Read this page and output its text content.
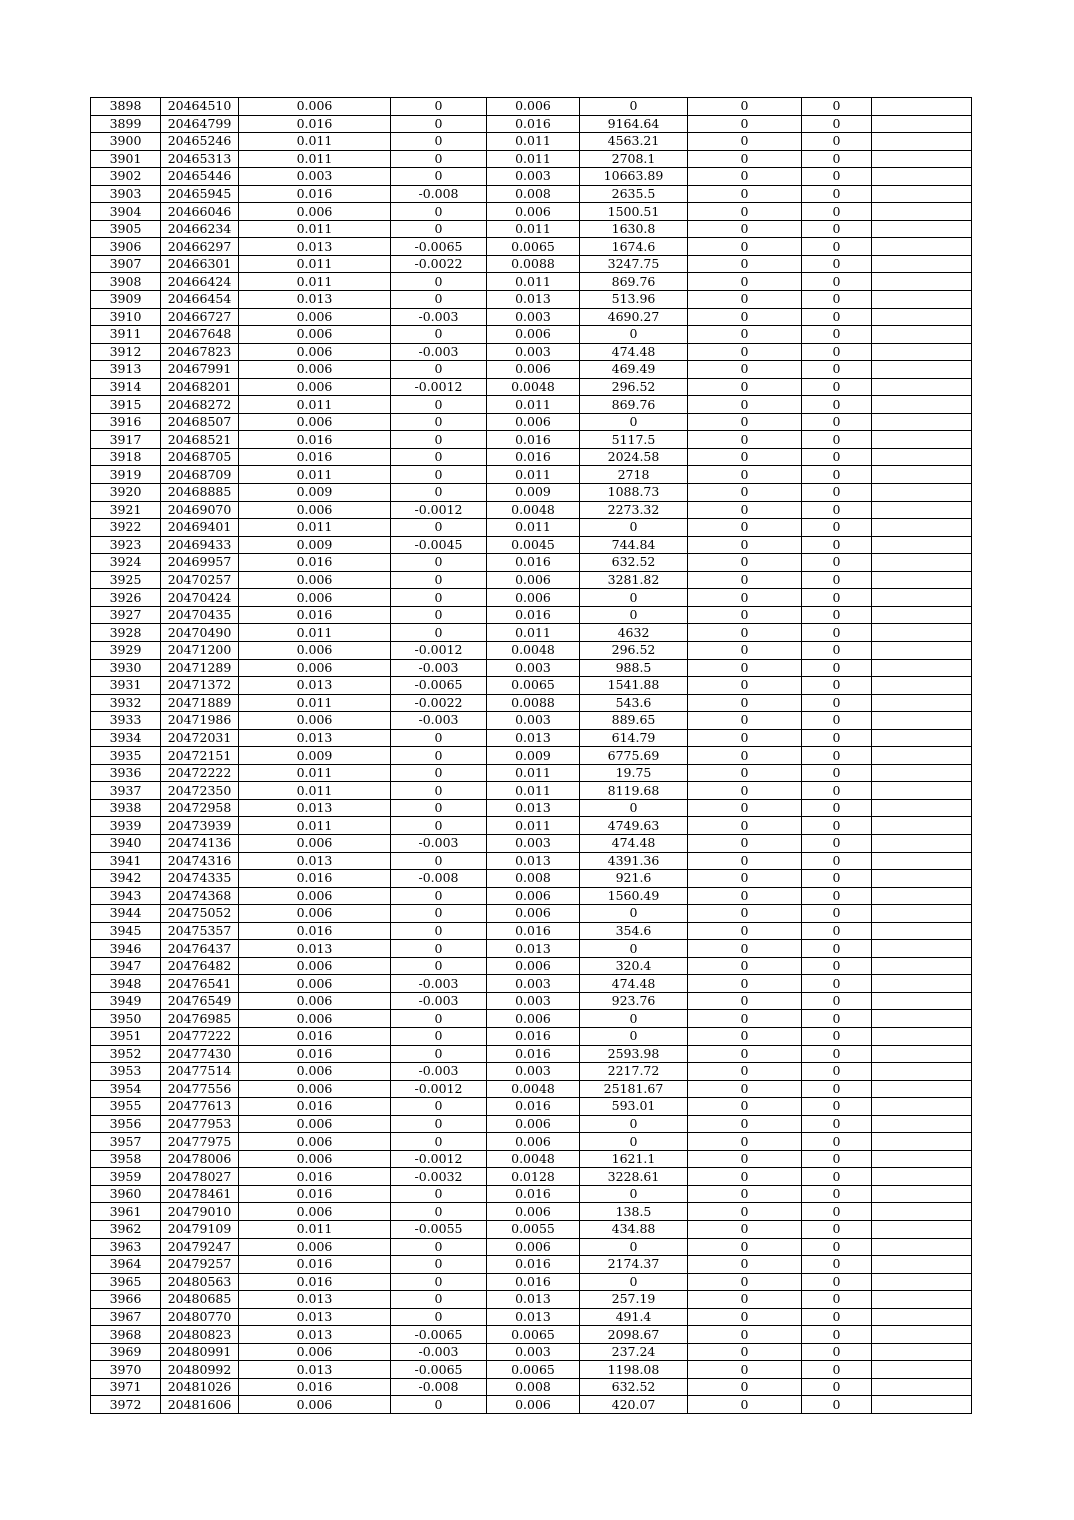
3898	20464510	0.006	0	0.006	0	0	0	
3899	20464799	0.016	0	0.016	9164.64	0	0	
3900	20465246	0.011	0	0.011	4563.21	0	0	
3901	20465313	0.011	0	0.011	2708.1	0	0	
3902	20465446	0.003	0	0.003	10663.89	0	0	
3903	20465945	0.016	-0.008	0.008	2635.5	0	0	
3904	20466046	0.006	0	0.006	1500.51	0	0	
3905	20466234	0.011	0	0.011	1630.8	0	0	
3906	20466297	0.013	-0.0065	0.0065	1674.6	0	0	
3907	20466301	0.011	-0.0022	0.0088	3247.75	0	0	
3908	20466424	0.011	0	0.011	869.76	0	0	
3909	20466454	0.013	0	0.013	513.96	0	0	
3910	20466727	0.006	-0.003	0.003	4690.27	0	0	
3911	20467648	0.006	0	0.006	0	0	0	
3912	20467823	0.006	-0.003	0.003	474.48	0	0	
3913	20467991	0.006	0	0.006	469.49	0	0	
3914	20468201	0.006	-0.0012	0.0048	296.52	0	0	
3915	20468272	0.011	0	0.011	869.76	0	0	
3916	20468507	0.006	0	0.006	0	0	0	
3917	20468521	0.016	0	0.016	5117.5	0	0	
3918	20468705	0.016	0	0.016	2024.58	0	0	
3919	20468709	0.011	0	0.011	2718	0	0	
3920	20468885	0.009	0	0.009	1088.73	0	0	
3921	20469070	0.006	-0.0012	0.0048	2273.32	0	0	
3922	20469401	0.011	0	0.011	0	0	0	
3923	20469433	0.009	-0.0045	0.0045	744.84	0	0	
3924	20469957	0.016	0	0.016	632.52	0	0	
3925	20470257	0.006	0	0.006	3281.82	0	0	
3926	20470424	0.006	0	0.006	0	0	0	
3927	20470435	0.016	0	0.016	0	0	0	
3928	20470490	0.011	0	0.011	4632	0	0	
3929	20471200	0.006	-0.0012	0.0048	296.52	0	0	
3930	20471289	0.006	-0.003	0.003	988.5	0	0	
3931	20471372	0.013	-0.0065	0.0065	1541.88	0	0	
3932	20471889	0.011	-0.0022	0.0088	543.6	0	0	
3933	20471986	0.006	-0.003	0.003	889.65	0	0	
3934	20472031	0.013	0	0.013	614.79	0	0	
3935	20472151	0.009	0	0.009	6775.69	0	0	
3936	20472222	0.011	0	0.011	19.75	0	0	
3937	20472350	0.011	0	0.011	8119.68	0	0	
3938	20472958	0.013	0	0.013	0	0	0	
3939	20473939	0.011	0	0.011	4749.63	0	0	
3940	20474136	0.006	-0.003	0.003	474.48	0	0	
3941	20474316	0.013	0	0.013	4391.36	0	0	
3942	20474335	0.016	-0.008	0.008	921.6	0	0	
3943	20474368	0.006	0	0.006	1560.49	0	0	
3944	20475052	0.006	0	0.006	0	0	0	
3945	20475357	0.016	0	0.016	354.6	0	0	
3946	20476437	0.013	0	0.013	0	0	0	
3947	20476482	0.006	0	0.006	320.4	0	0	
3948	20476541	0.006	-0.003	0.003	474.48	0	0	
3949	20476549	0.006	-0.003	0.003	923.76	0	0	
3950	20476985	0.006	0	0.006	0	0	0	
3951	20477222	0.016	0	0.016	0	0	0	
3952	20477430	0.016	0	0.016	2593.98	0	0	
3953	20477514	0.006	-0.003	0.003	2217.72	0	0	
3954	20477556	0.006	-0.0012	0.0048	25181.67	0	0	
3955	20477613	0.016	0	0.016	593.01	0	0	
3956	20477953	0.006	0	0.006	0	0	0	
3957	20477975	0.006	0	0.006	0	0	0	
3958	20478006	0.006	-0.0012	0.0048	1621.1	0	0	
3959	20478027	0.016	-0.0032	0.0128	3228.61	0	0	
3960	20478461	0.016	0	0.016	0	0	0	
3961	20479010	0.006	0	0.006	138.5	0	0	
3962	20479109	0.011	-0.0055	0.0055	434.88	0	0	
3963	20479247	0.006	0	0.006	0	0	0	
3964	20479257	0.016	0	0.016	2174.37	0	0	
3965	20480563	0.016	0	0.016	0	0	0	
3966	20480685	0.013	0	0.013	257.19	0	0	
3967	20480770	0.013	0	0.013	491.4	0	0	
3968	20480823	0.013	-0.0065	0.0065	2098.67	0	0	
3969	20480991	0.006	-0.003	0.003	237.24	0	0	
3970	20480992	0.013	-0.0065	0.0065	1198.08	0	0	
3971	20481026	0.016	-0.008	0.008	632.52	0	0	
3972	20481606	0.006	0	0.006	420.07	0	0	
